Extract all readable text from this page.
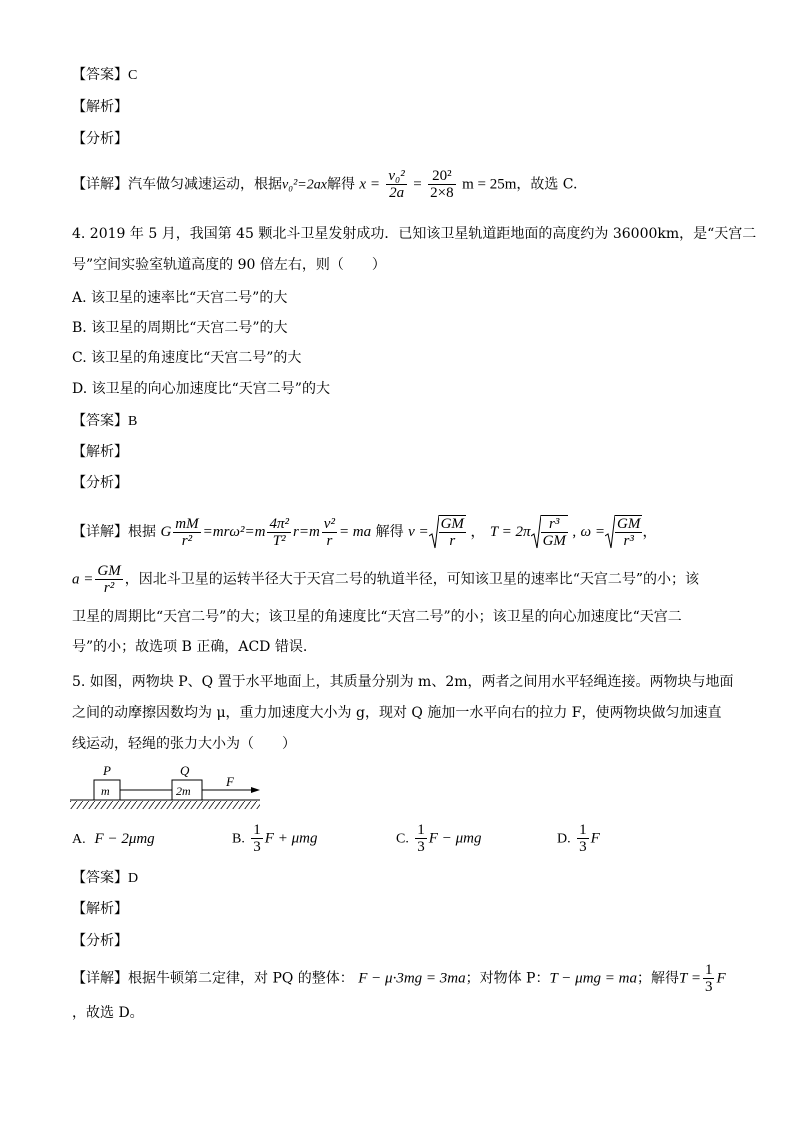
【答案】C
【解析】
【分析】
【详解】汽车做匀减速运动，根据v₀²=2ax解得 $x = \frac{\text{v₀²}}{2a} = \frac{\text{20²}}{2\times 8}$ m = 25m，故选 C.
4. 2019 年 5 月，我国第 45 颗北斗卫星发射成功．已知该卫星轨道距地面的高度约为 36000km，是“天宫二
号”空间实验室轨道高度的 90 倍左右，则（　　）
A. 该卫星的速率比“天宫二号”的大
B. 该卫星的周期比“天宫二号”的大
C. 该卫星的角速度比“天宫二号”的大
D. 该卫星的向心加速度比“天宫二号”的大
【答案】B
【解析】
【分析】
【详解】根据 G $\frac{mM}{\text{r²}} =mr\omega^2=m \frac{\text{4π²}}{\text{T²}} r=m \frac{\text{v²}}{r}$ = ma 解得 $v = \frac{GM}{r}$ ， $T = 2\pi \frac{\text{r³}}{GM}$ , $\omega = \frac{GM}{\text{r³}}$ ，
$a = \frac{GM}{\text{r²}}$ ，因北斗卫星的运转半径大于天宫二号的轨道半径，可知该卫星的速率比“天宫二号”的小；该
卫星的周期比“天宫二号”的大；该卫星的角速度比“天宫二号”的小；该卫星的向心加速度比“天宫二
号”的小；故选项 B 正确，ACD 错误.
5. 如图，两物块 P、Q 置于水平地面上，其质量分别为 m、2m，两者之间用水平轻绳连接。两物块与地面
之间的动摩擦因数均为 μ，重力加速度大小为 g，现对 Q 施加一水平向右的拉力 F，使两物块做匀加速直
线运动，轻绳的张力大小为（　　）
P	Q
m	2m
F
A. F − 2μmg	B. $\frac{1}{3}$ F + μmg	C. $\frac{1}{3}$ F − μmg	D. $\frac{1}{3}$ F
【答案】D
【解析】
【分析】
【详解】根据牛顿第二定律，对 PQ 的整体： F − μ·3mg = 3ma；对物体 P：T − μmg = ma；解得$T = \frac{1}{3}$ F
，故选 D。
